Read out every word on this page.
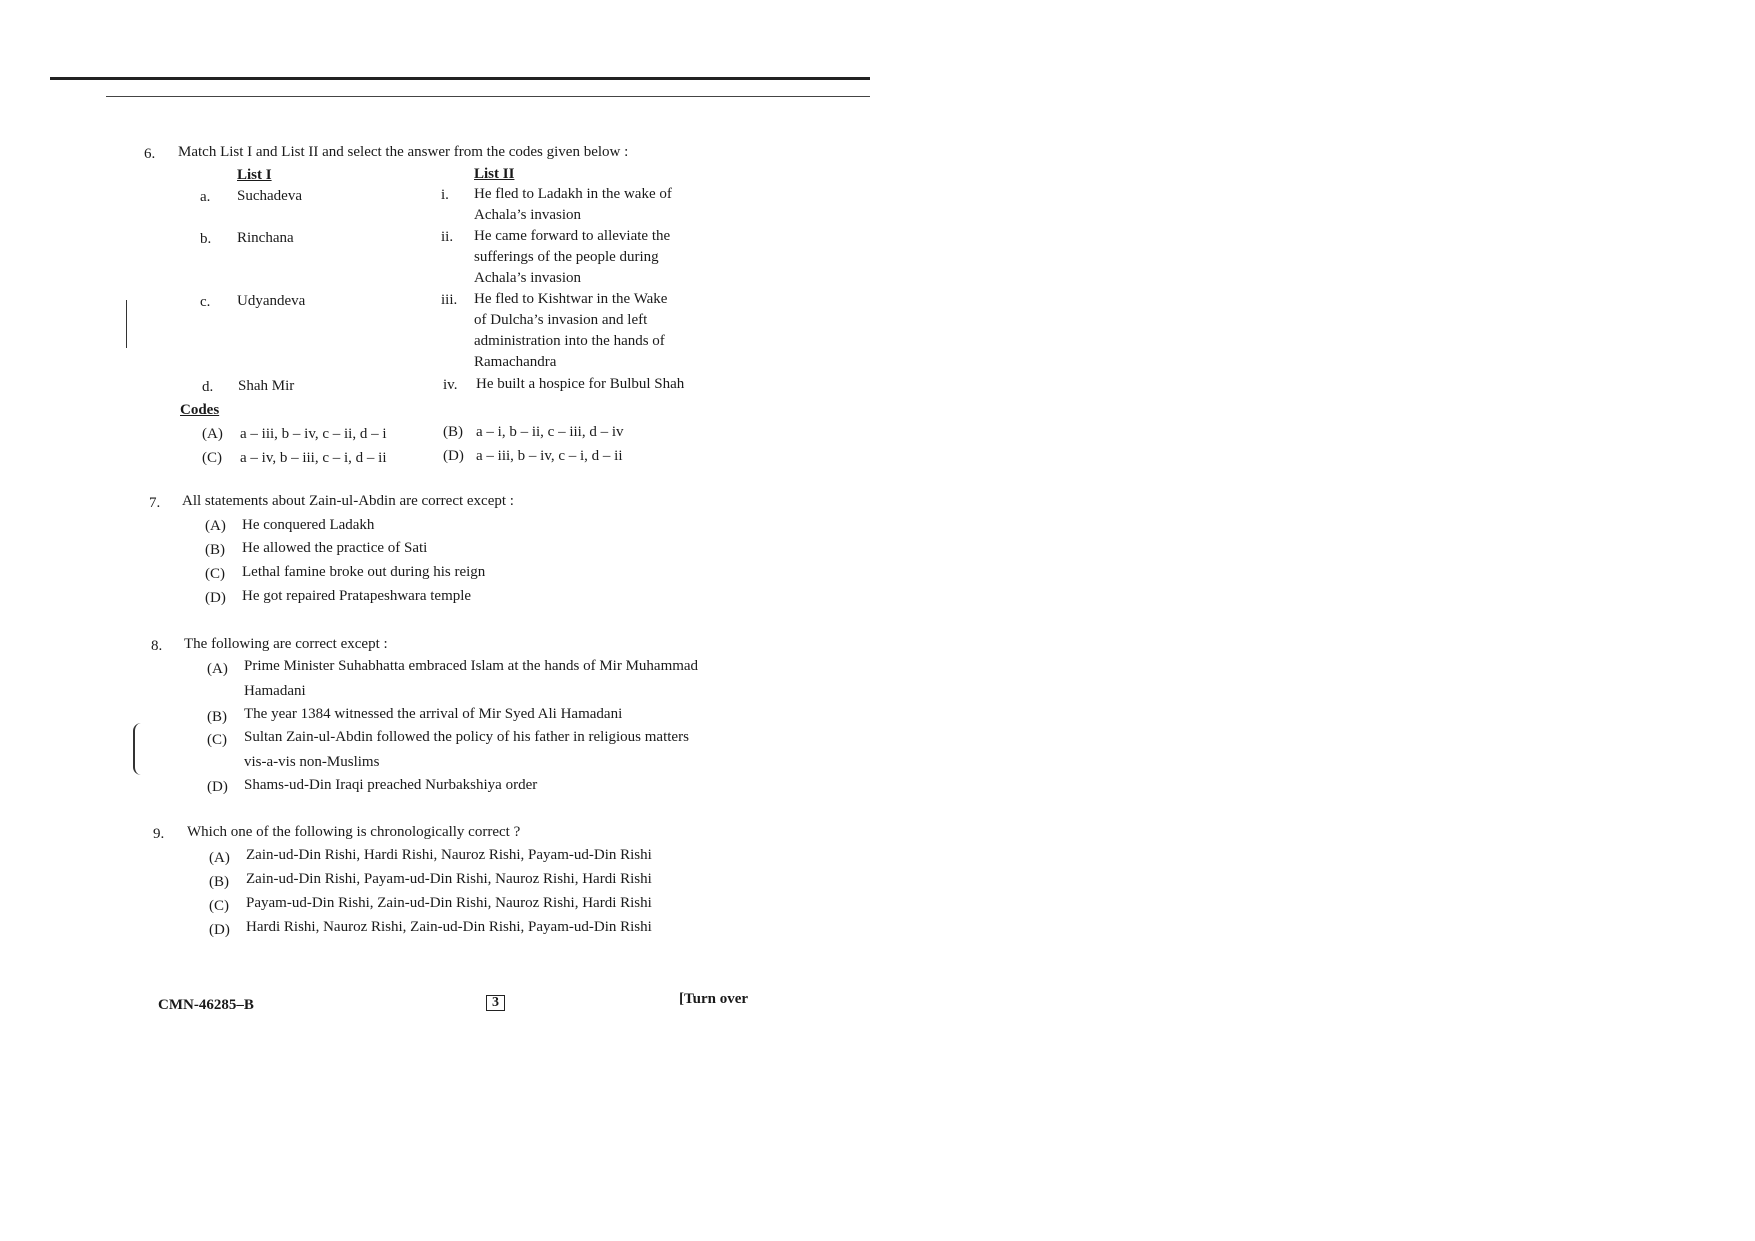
6. Match List I and List II and select the answer from the codes given below :
List I	List II
a. Suchadeva	i. He fled to Ladakh in the wake of
Achala’s invasion
b. Rinchana	ii. He came forward to alleviate the
sufferings of the people during
Achala’s invasion
c. Udyandeva	iii. He fled to Kishtwar in the Wake
of Dulcha’s invasion and left
administration into the hands of
Ramachandra
d. Shah Mir	iv. He built a hospice for Bulbul Shah
Codes
(A) a – iii, b – iv, c – ii, d – i	(B) a – i, b – ii, c – iii, d – iv
(C) a – iv, b – iii, c – i, d – ii	(D) a – iii, b – iv, c – i, d – ii
7. All statements about Zain-ul-Abdin are correct except :
(A) He conquered Ladakh
(B) He allowed the practice of Sati
(C) Lethal famine broke out during his reign
(D) He got repaired Pratapeshwara temple
8. The following are correct except :
(A) Prime Minister Suhabhatta embraced Islam at the hands of Mir Muhammad
Hamadani
(B) The year 1384 witnessed the arrival of Mir Syed Ali Hamadani
(C) Sultan Zain-ul-Abdin followed the policy of his father in religious matters
vis-a-vis non-Muslims
(D) Shams-ud-Din Iraqi preached Nurbakshiya order
9. Which one of the following is chronologically correct ?
(A) Zain-ud-Din Rishi, Hardi Rishi, Nauroz Rishi, Payam-ud-Din Rishi
(B) Zain-ud-Din Rishi, Payam-ud-Din Rishi, Nauroz Rishi, Hardi Rishi
(C) Payam-ud-Din Rishi, Zain-ud-Din Rishi, Nauroz Rishi, Hardi Rishi
(D) Hardi Rishi, Nauroz Rishi, Zain-ud-Din Rishi, Payam-ud-Din Rishi
CMN-46285–B	3	[Turn over
